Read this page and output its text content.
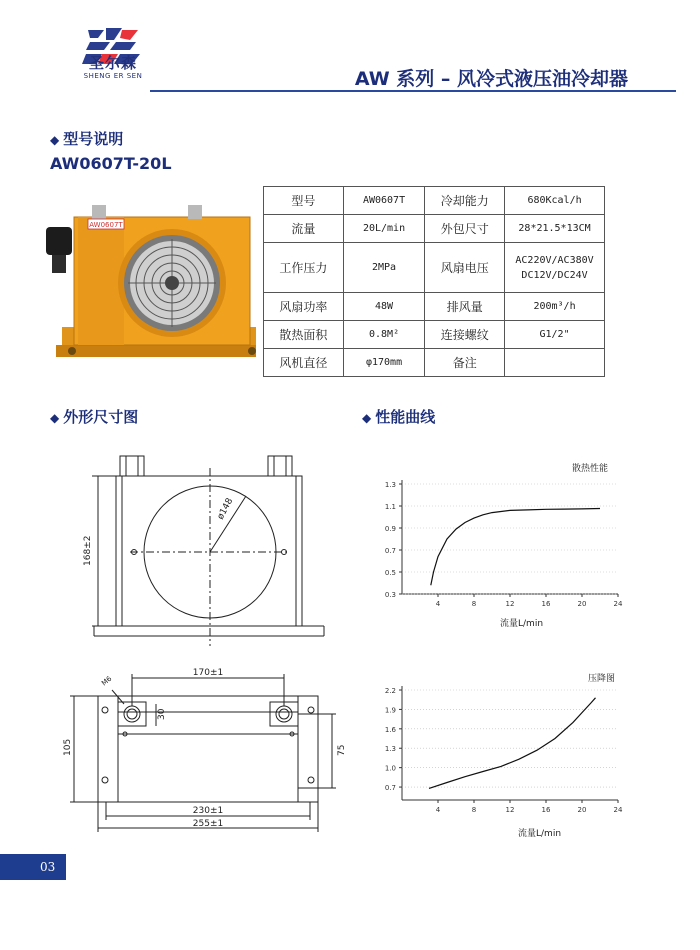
圣尔森
SHENG ER SEN	AW 系列 – 风冷式液压油冷却器
◆ 型号说明
AW0607T-20L
AW0607T
型号	AW0607T	冷却能力	680Kcal/h
流量	20L/min	外包尺寸	28*21.5*13CM
工作压力	2MPa	风扇电压	AC220V/AC380V
DC12V/DC24V

风扇功率	48W	排风量	200m³/h
散热面积	0.8M²	连接螺纹	G1/2"
风机直径	φ170mm	备注	
◆ 外形尺寸图	◆ 性能曲线
ø148
168±2
170±1
30
105	75
230±1
255±1
M6
散热性能
0.3
0.5
0.7
0.9
1.1
1.3
4	8	12	16	20	24
流量L/min
压降图
0.7
1.0
1.3
1.6
1.9
2.2
4	8	12	16	20	24
流量L/min
03
